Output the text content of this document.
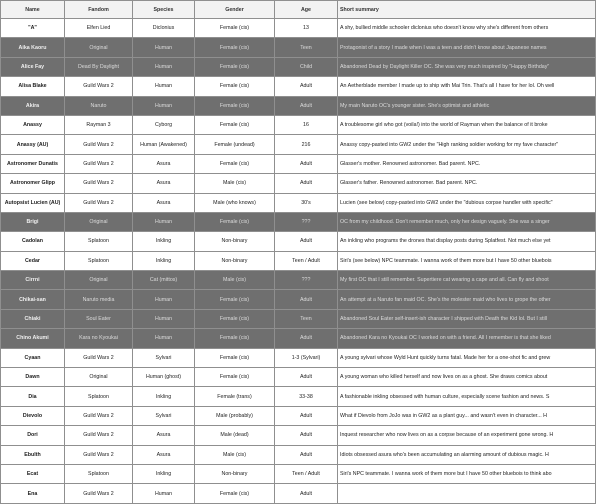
Name	Fandom	Species	Gender	Age	Short summary
"A"	Elfen Lied	Diclonius	Female (cis)	13	A shy, bullied middle schooler diclonius who doesn't know why she's different from others
Aika Kaoru	Original	Human	Female (cis)	Teen	Protagonist of a story I made when I was a teen and didn't know about Japanese names
Alice Fay	Dead By Daylight	Human	Female (cis)	Child	Abandoned Dead by Daylight Killer OC. She was very much inspired by "Happy Birthday"
Alisa Blake	Guild Wars 2	Human	Female (cis)	Adult	An Aetherblade member I made up to ship with Mai Trin. That's all I have for her lol. Oh well
Akira	Naruto	Human	Female (cis)	Adult	My main Naruto OC's younger sister. She's optimist and athletic
Anassy	Rayman 3	Cyborg	Female (cis)	16	A troublesome girl who got (voila!) into the world of Rayman when the balance of it broke
Anassy (AU)	Guild Wars 2	Human (Awakened)	Female (undead)	216	Anassy copy-pasted into GW2 under the "High ranking soldier working for my fave character"
Astronomer Dunatis	Guild Wars 2	Asura	Female (cis)	Adult	Glasser's mother. Renowned astronomer. Bad parent. NPC.
Astronomer Glipp	Guild Wars 2	Asura	Male (cis)	Adult	Glasser's father. Renowned astronomer. Bad parent. NPC.
Autopsist Lucien (AU)	Guild Wars 2	Asura	Male (who knows)	30's	Lucien (see below) copy-pasted into GW2 under the "dubious corpse handler with specific"
Brigi	Original	Human	Female (cis)	???	OC from my childhood. Don't remember much, only her design vaguely. She was a singer
Cadolan	Splatoon	Inkling	Non-binary	Adult	An inkling who programs the drones that display posts during Splatfest. Not much else yet
Cedar	Splatoon	Inkling	Non-binary	Teen / Adult	Siri's (see below) NPC teammate. I wanna work of them more but I have 50 other bluebois
Cirrni	Original	Cat (mittos)	Male (cis)	???	My first OC that I still remember. Supertiere cat wearing a cape and all. Can fly and shoot
Chikai-san	Naruto media	Human	Female (cis)	Adult	An attempt at a Naruto fan maid OC. She's the molester maid who lives to grope the other
Chiaki	Soul Eater	Human	Female (cis)	Teen	Abandoned Soul Eater self-insert-ish character I shipped with Death the Kid lol. But I still
Chino Akumi	Kara no Kyoukai	Human	Female (cis)	Adult	Abandoned Kara no Kyoukai OC I worked on with a friend. All I remember is that she liked
Cyaan	Guild Wars 2	Sylvari	Female (cis)	1-3 (Sylvari)	A young sylvari whose Wyld Hunt quickly turns fatal. Made her for a one-shot fic and grew
Dawn	Original	Human (ghost)	Female (cis)	Adult	A young woman who killed herself and now lives on as a ghost. She draws comics about
Dia	Splatoon	Inkling	Female (trans)	33-38	A fashionable inkling obsessed with human culture, especially scene fashion and news. S
Dievolo	Guild Wars 2	Sylvari	Male (probably)	Adult	What if Dievolo from JoJo was in GW2 as a plant guy... and wasn't even in character... H
Dori	Guild Wars 2	Asura	Male (dead)	Adult	Inquest researcher who now lives on as a corpse because of an experiment gone wrong. H
Ebulth	Guild Wars 2	Asura	Male (cis)	Adult	Idiots obsessed asura who's been accumulating an alarming amount of dubious magic. H
Ecat	Splatoon	Inkling	Non-binary	Teen / Adult	Siri's NPC teammate. I wanna work of them more but I have 50 other bluebois to think abo
Ena	Guild Wars 2	Human	Female (cis)	Adult	
